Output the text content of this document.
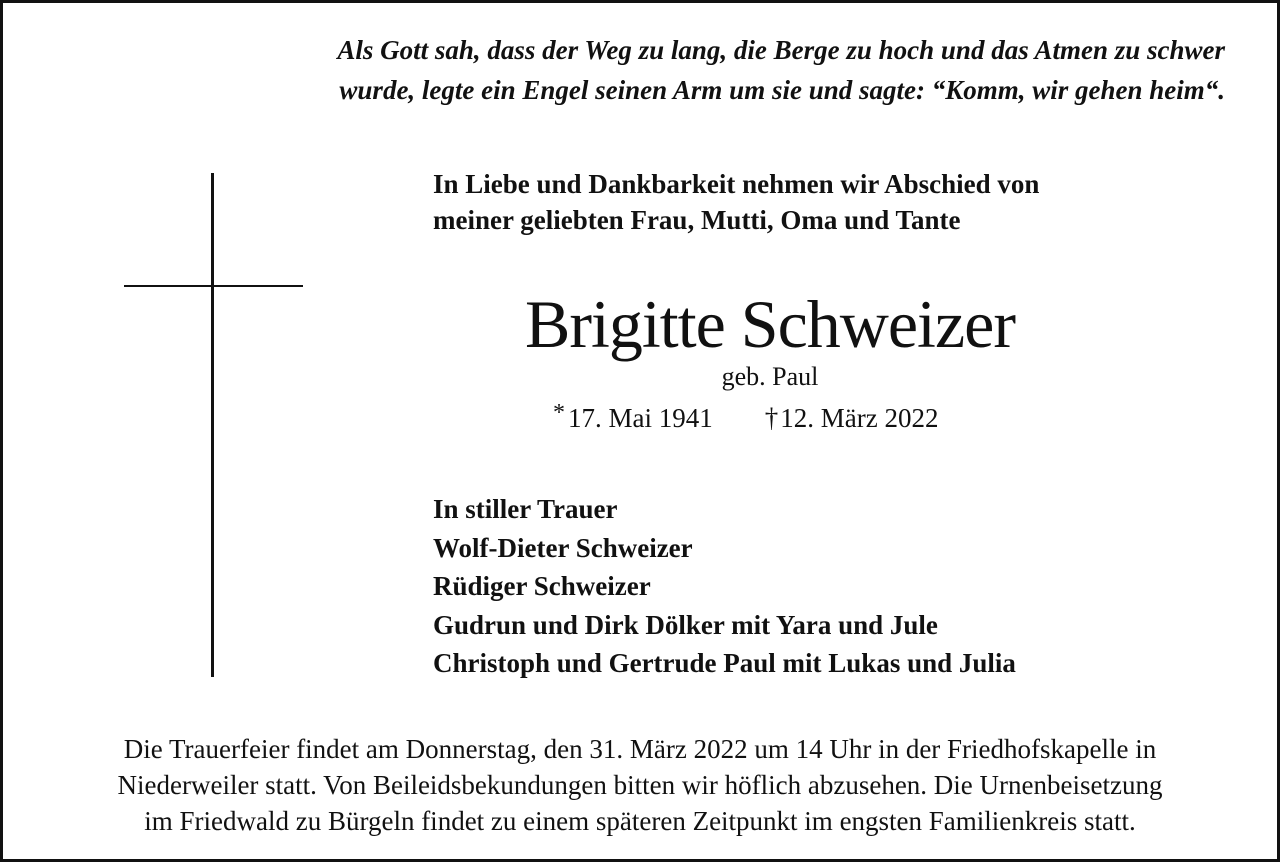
Als Gott sah, dass der Weg zu lang, die Berge zu hoch und das Atmen zu schwer
wurde, legte ein Engel seinen Arm um sie und sagte: “Komm, wir gehen heim“.
In Liebe und Dankbarkeit nehmen wir Abschied von
meiner geliebten Frau, Mutti, Oma und Tante
Brigitte Schweizer
geb. Paul
* 17. Mai 1941 †12. März 2022
In stiller Trauer
Wolf-Dieter Schweizer
Rüdiger Schweizer
Gudrun und Dirk Dölker mit Yara und Jule
Christoph und Gertrude Paul mit Lukas und Julia
Die Trauerfeier findet am Donnerstag, den 31. März 2022 um 14 Uhr in der Friedhofskapelle in
Niederweiler statt. Von Beileidsbekundungen bitten wir höflich abzusehen. Die Urnenbeisetzung
im Friedwald zu Bürgeln findet zu einem späteren Zeitpunkt im engsten Familienkreis statt.
